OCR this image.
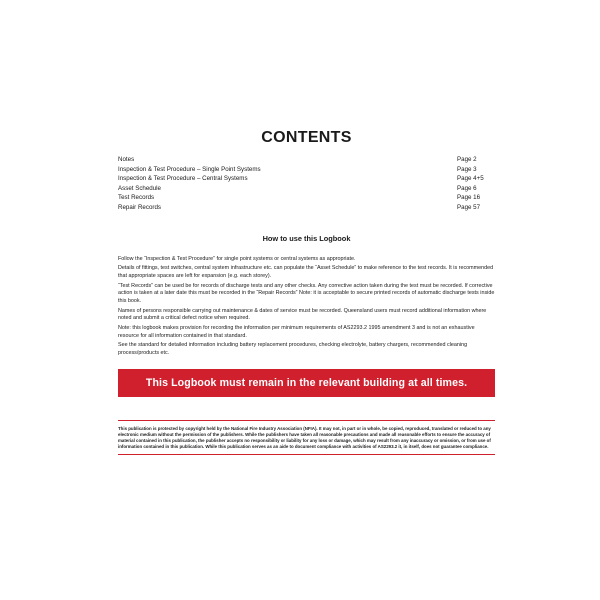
CONTENTS
Notes	Page 2
Inspection & Test Procedure – Single Point Systems	Page 3
Inspection & Test Procedure – Central Systems	Page 4+5
Asset Schedule	Page 6
Test Records	Page 16
Repair Records	Page 57
How to use this Logbook

Follow the “Inspection & Test Procedure” for single point systems or central systems as appropriate.

Details of fittings, test switches, central system infrastructure etc. can populate the “Asset Schedule” to make reference to the test records. It is recommended that appropriate spaces are left for expansion (e.g. each storey).

“Test Records” can be used be for records of discharge tests and any other checks. Any corrective action taken during the test must be recorded. If corrective action is taken at a later date this must be recorded in the “Repair Records” Note: it is acceptable to secure printed records of automatic discharge tests inside this book.

Names of persons responsible carrying out maintenance & dates of service must be recorded. Queensland users must record additional information where noted and submit a critical defect notice when required.

Note: this logbook makes provision for recording the information per minimum requirements of AS2293.2 1995 amendment 3 and is not an exhaustive resource for all information contained in that standard.

See the standard for detailed information including battery replacement procedures, checking electrolyte, battery chargers, recommended cleaning process/products etc.

This Logbook must remain in the relevant building at all times.
This publication is protected by copyright held by the National Fire Industry Association (NFIA). It may not, in part or in whole, be copied, reproduced, translated or reduced to any electronic medium without the permission of the publishers. While the publishers have taken all reasonable precautions and made all reasonable efforts to ensure the accuracy of material contained in this publication, the publisher accepts no responsibility or liability for any loss or damage, which may result from any inaccuracy or omission, or from use of information contained in this publication. While this publication serves as an aide to document compliance with activities of AS2293.2 it, in itself, does not guarantee compliance.
